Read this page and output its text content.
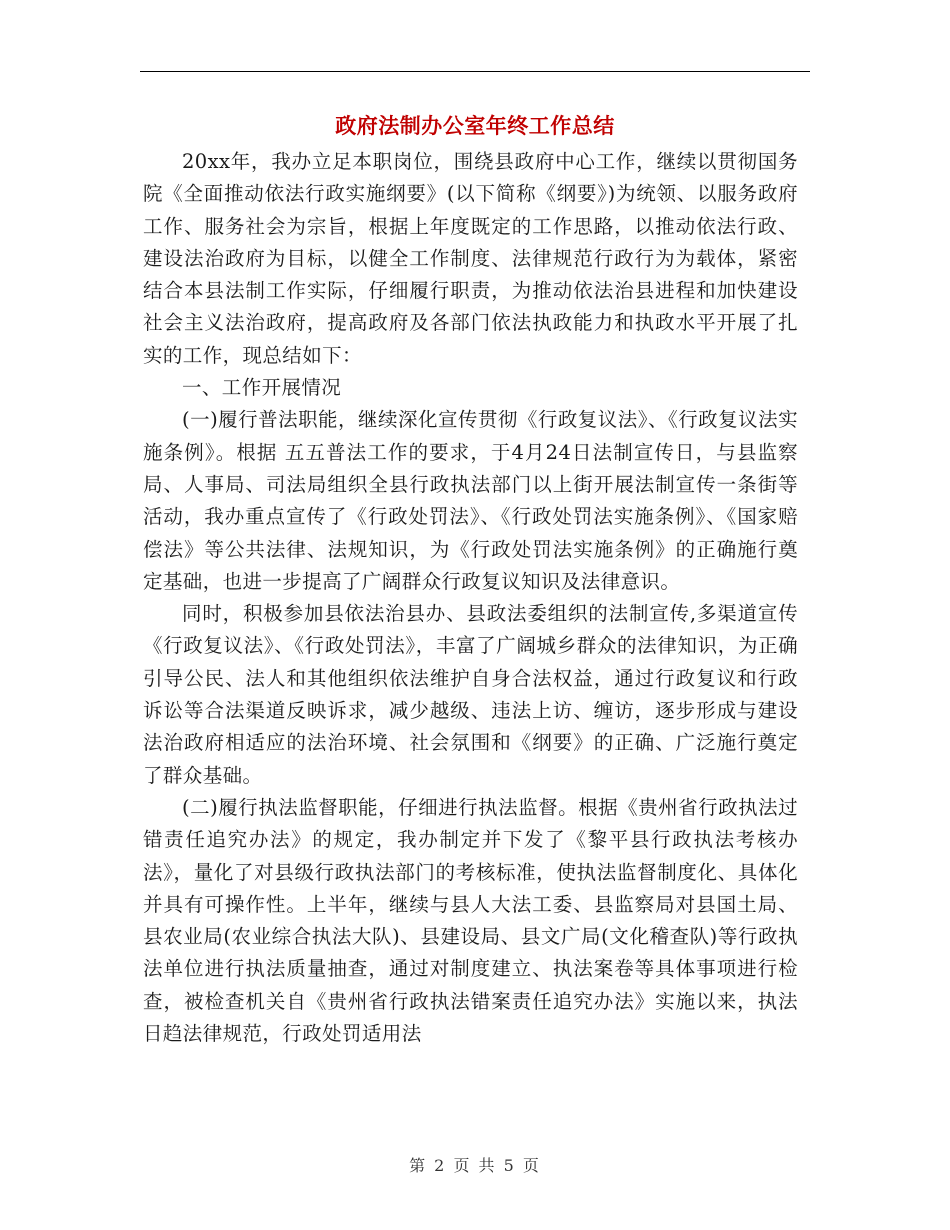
政府法制办公室年终工作总结

20xx年，我办立足本职岗位，围绕县政府中心工作，继续以贯彻国务院《全面推动依法行政实施纲要》(以下简称《纲要》)为统领、以服务政府工作、服务社会为宗旨，根据上年度既定的工作思路，以推动依法行政、建设法治政府为目标，以健全工作制度、法律规范行政行为为载体，紧密结合本县法制工作实际，仔细履行职责，为推动依法治县进程和加快建设社会主义法治政府，提高政府及各部门依法执政能力和执政水平开展了扎实的工作，现总结如下：

一、工作开展情况

(一)履行普法职能，继续深化宣传贯彻《行政复议法》、《行政复议法实施条例》。根据 五五普法工作的要求，于4月24日法制宣传日，与县监察局、人事局、司法局组织全县行政执法部门以上街开展法制宣传一条街等活动，我办重点宣传了《行政处罚法》、《行政处罚法实施条例》、《国家赔偿法》等公共法律、法规知识，为《行政处罚法实施条例》的正确施行奠定基础，也进一步提高了广阔群众行政复议知识及法律意识。

同时，积极参加县依法治县办、县政法委组织的法制宣传,多渠道宣传《行政复议法》、《行政处罚法》，丰富了广阔城乡群众的法律知识，为正确引导公民、法人和其他组织依法维护自身合法权益，通过行政复议和行政诉讼等合法渠道反映诉求，减少越级、违法上访、缠访，逐步形成与建设法治政府相适应的法治环境、社会氛围和《纲要》的正确、广泛施行奠定了群众基础。

(二)履行执法监督职能，仔细进行执法监督。根据《贵州省行政执法过错责任追究办法》的规定，我办制定并下发了《黎平县行政执法考核办法》，量化了对县级行政执法部门的考核标准，使执法监督制度化、具体化并具有可操作性。上半年，继续与县人大法工委、县监察局对县国土局、县农业局(农业综合执法大队)、县建设局、县文广局(文化稽查队)等行政执法单位进行执法质量抽查，通过对制度建立、执法案卷等具体事项进行检查，被检查机关自《贵州省行政执法错案责任追究办法》实施以来，执法日趋法律规范，行政处罚适用法

第 2 页 共 5 页
